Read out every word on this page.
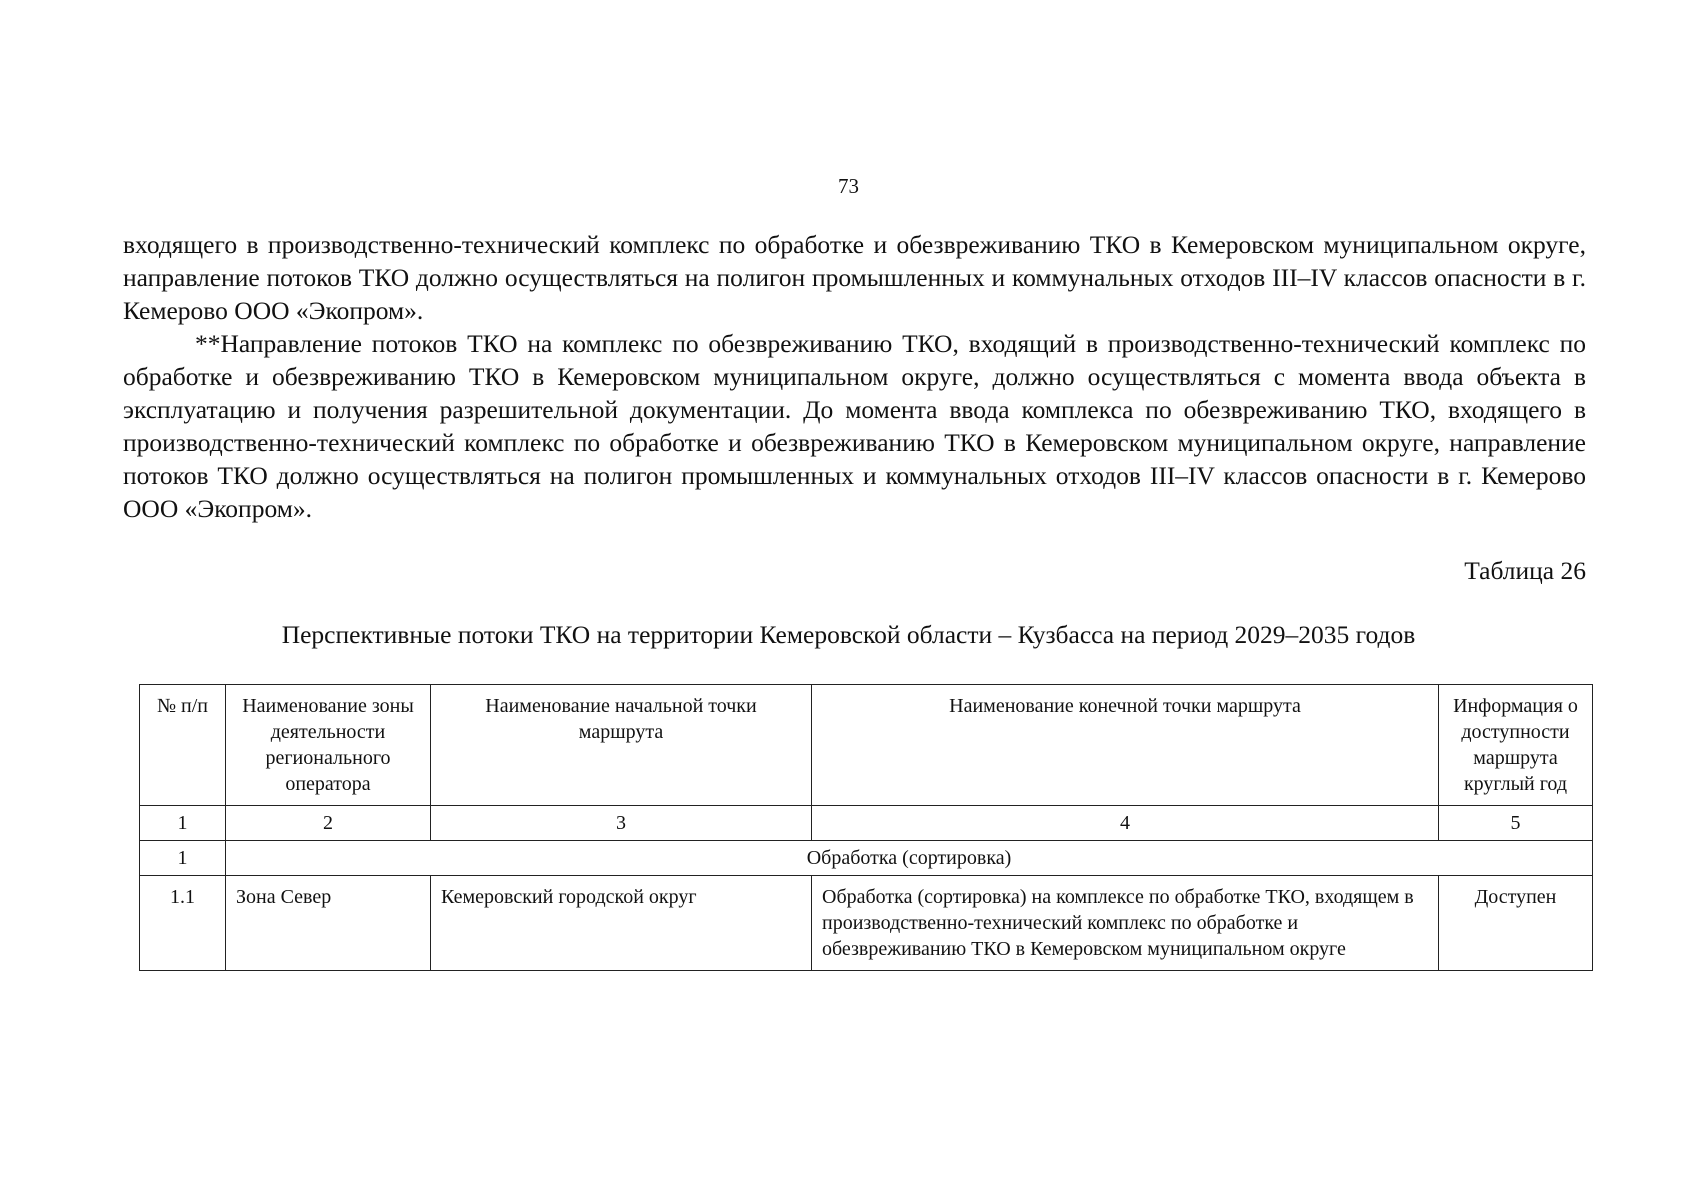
73

входящего в производственно-технический комплекс по обработке и обезвреживанию ТКО в Кемеровском муниципальном округе, направление потоков ТКО должно осуществляться на полигон промышленных и коммунальных отходов III–IV классов опасности в г. Кемерово ООО «Экопром».

**Направление потоков ТКО на комплекс по обезвреживанию ТКО, входящий в производственно-технический комплекс по обработке и обезвреживанию ТКО в Кемеровском муниципальном округе, должно осуществляться с момента ввода объекта в эксплуатацию и получения разрешительной документации. До момента ввода комплекса по обезвреживанию ТКО, входящего в производственно-технический комплекс по обработке и обезвреживанию ТКО в Кемеровском муниципальном округе, направление потоков ТКО должно осуществляться на полигон промышленных и коммунальных отходов III–IV классов опасности в г. Кемерово ООО «Экопром».

Таблица 26
Перспективные потоки ТКО на территории Кемеровской области – Кузбасса на период 2029–2035 годов
№ п/п	Наименование зоны деятельности регионального оператора	Наименование начальной точки маршрута	Наименование конечной точки маршрута	Информация о доступности маршрута круглый год
1	2	3	4	5
1	Обработка (сортировка)			
1.1	Зона Север	Кемеровский городской округ	Обработка (сортировка) на комплексе по обработке ТКО, входящем в производственно-технический комплекс по обработке и обезвреживанию ТКО в Кемеровском муниципальном округе	Доступен
